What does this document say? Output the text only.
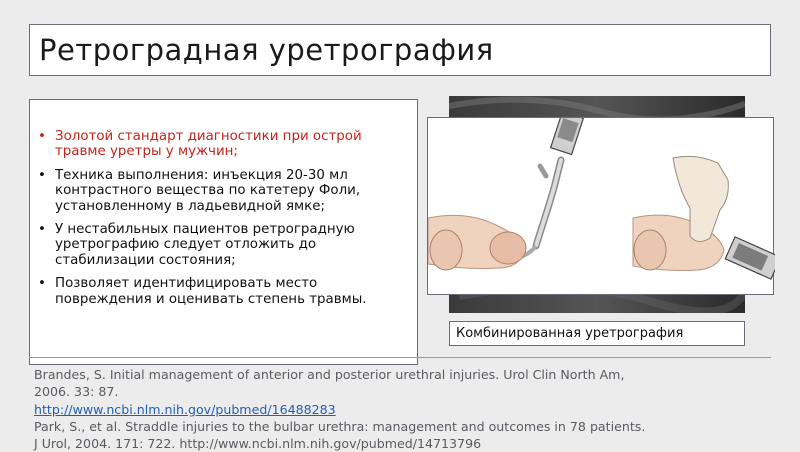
Ретроградная уретрография
• Золотой стандарт диагностики при острой травме уретры у мужчин;
• Техника выполнения: инъекция 20-30 мл контрастного вещества по катетеру Фоли, установленному в ладьевидной ямке;
• У нестабильных пациентов ретроградную уретрографию следует отложить до стабилизации состояния;
• Позволяет идентифицировать место повреждения и оценивать степень травмы.
Комбинированная уретрография
Brandes, S. Initial management of anterior and posterior urethral injuries. Urol Clin North Am,
2006. 33: 87.
http://www.ncbi.nlm.nih.gov/pubmed/16488283
Park, S., et al. Straddle injuries to the bulbar urethra: management and outcomes in 78 patients.
J Urol, 2004. 171: 722. http://www.ncbi.nlm.nih.gov/pubmed/14713796
